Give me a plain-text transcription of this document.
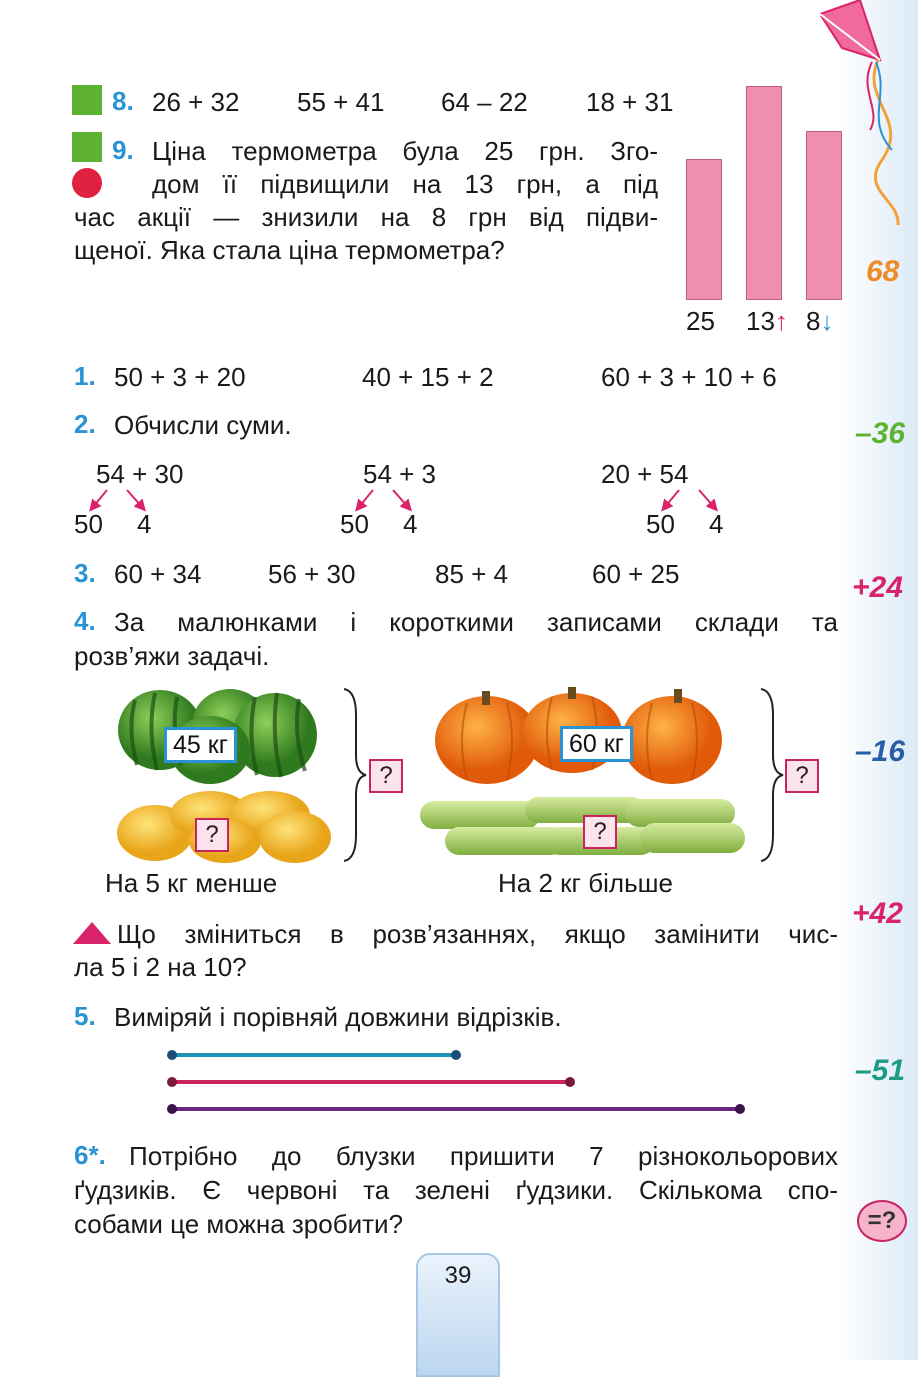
68
–36
+24
–16
+42
–51
=?
8. 26 + 32 55 + 41 64 – 22 18 + 31
9. Ціна термометра була 25 грн. Зго-
дом її підвищили на 13 грн, а під
час акції — знизили на 8 грн від підви-
щеної. Яка стала ціна термометра?
25 13↑ 8↓
1. 50 + 3 + 20	40 + 15 + 2	60 + 3 + 10 + 6
2. Обчисли суми.
54 + 30
50 4
54 + 3
50 4
20 + 54
50 4
3. 60 + 34	56 + 30	85 + 4	60 + 25
4. За малюнками і короткими записами склади та
розв’яжи задачі.
45 кг
?
?
На 5 кг менше
60 кг
?
?
На 2 кг більше
Що зміниться в розв’язаннях, якщо замінити чис-
ла 5 і 2 на 10?
5. Виміряй і порівняй довжини відрізків.
6*. Потрібно до блузки пришити 7 різнокольорових
ґудзиків. Є червоні та зелені ґудзики. Скількома спо-
собами це можна зробити?
39
